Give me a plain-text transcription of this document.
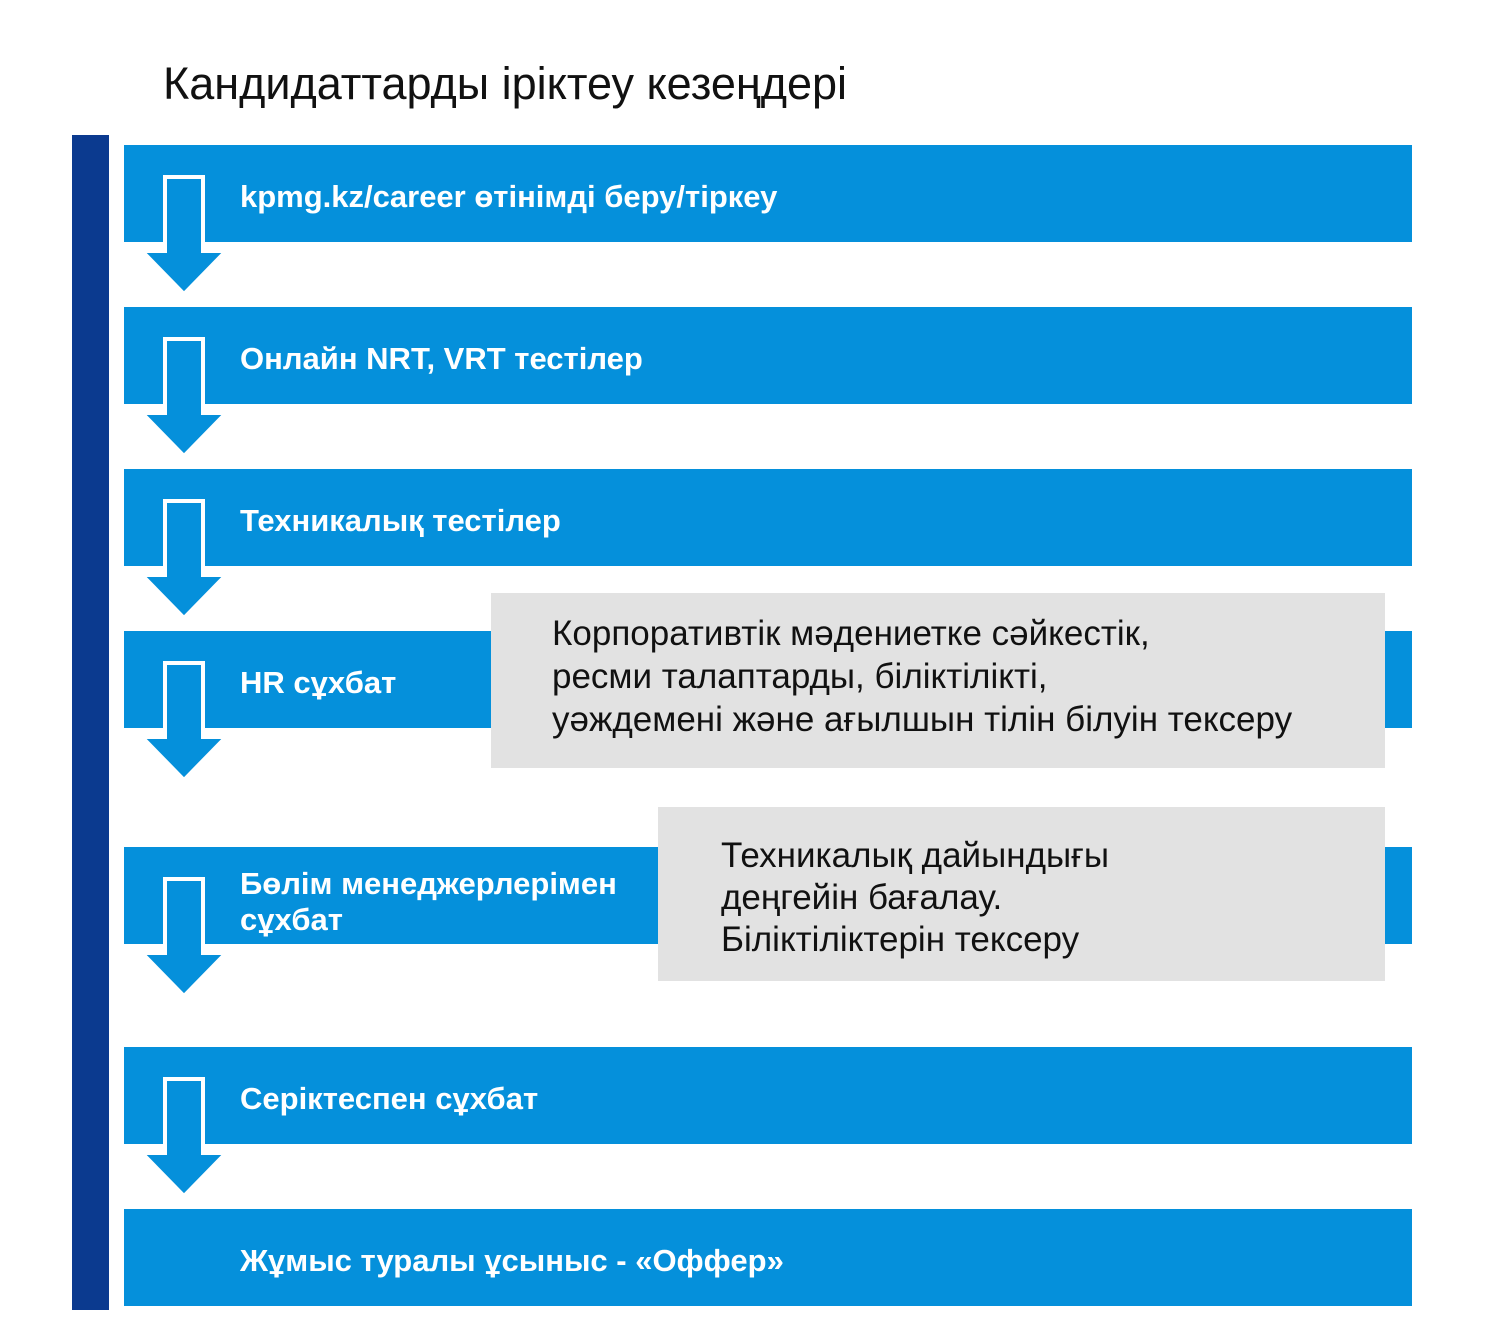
Кандидаттарды іріктеу кезеңдері
kpmg.kz/career өтінімді беру/тіркеу
Онлайн NRT, VRT тестілер
Техникалық тестілер
HR сұхбат
Бөлім менеджерлерімен
сұхбат
Серіктеспен сұхбат
Жұмыс туралы ұсыныс - «Оффер»
Корпоративтік мәдениетке сәйкестік,
ресми талаптарды, біліктілікті,
уәждемені және ағылшын тілін білуін тексеру
Техникалық дайындығы
деңгейін бағалау.
Біліктіліктерін тексеру
